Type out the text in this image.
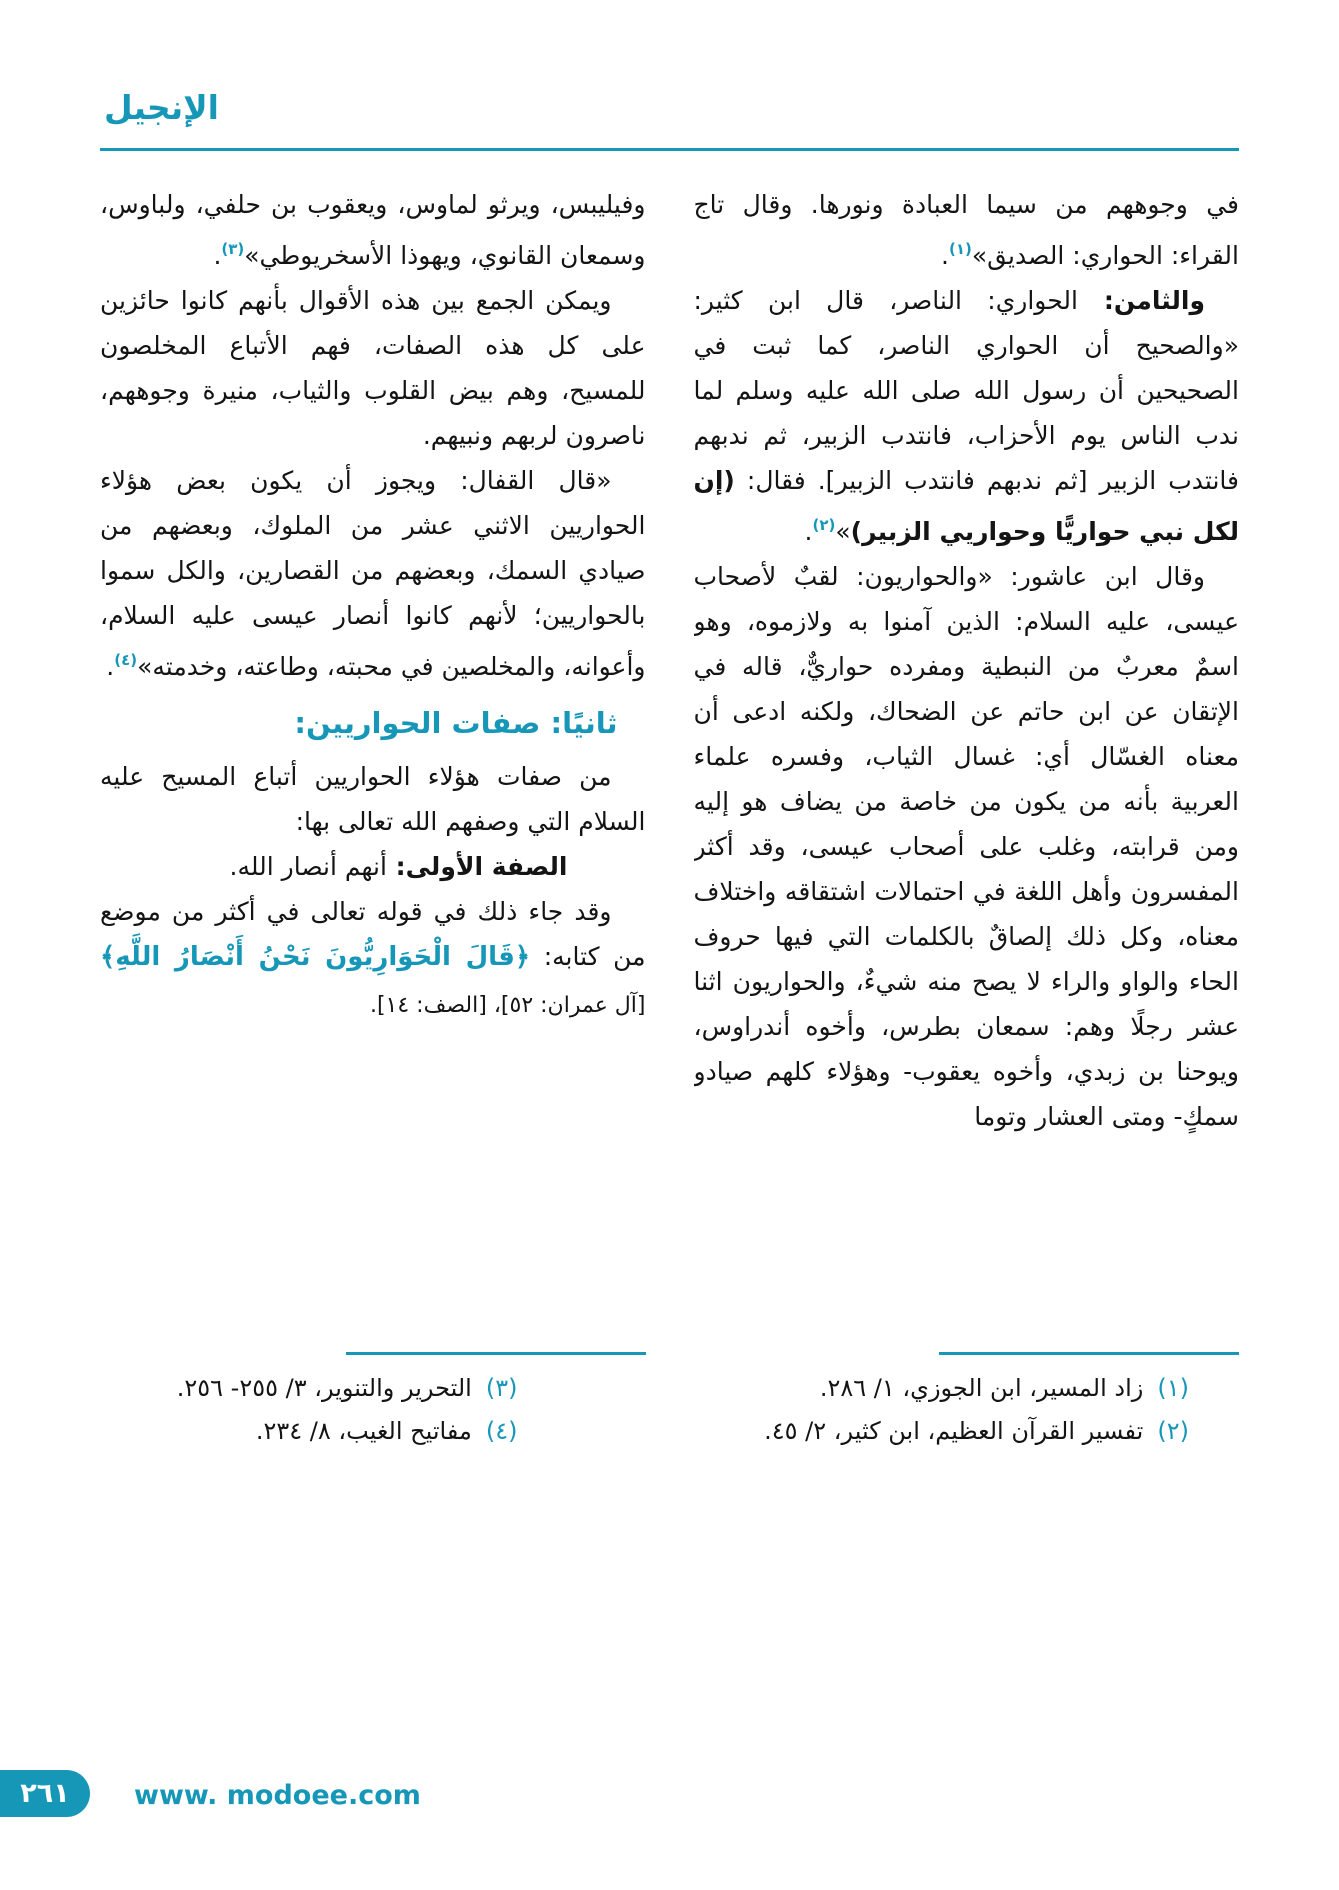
الإنجيل

في وجوههم من سيما العبادة ونورها. وقال تاج القراء: الحواري: الصديق»$^{(١)}$.

والثامن: الحواري: الناصر، قال ابن كثير: «والصحيح أن الحواري الناصر، كما ثبت في الصحيحين أن رسول الله صلى الله عليه وسلم لما ندب الناس يوم الأحزاب، فانتدب الزبير، ثم ندبهم فانتدب الزبير [ثم ندبهم فانتدب الزبير]. فقال: (إن لكل نبي حواريًّا وحواريي الزبير)»$^{(٢)}$.

وقال ابن عاشور: «والحواريون: لقبٌ لأصحاب عيسى، عليه السلام: الذين آمنوا به ولازموه، وهو اسمٌ معربٌ من النبطية ومفرده حواريٌّ، قاله في الإتقان عن ابن حاتم عن الضحاك، ولكنه ادعى أن معناه الغسّال أي: غسال الثياب، وفسره علماء العربية بأنه من يكون من خاصة من يضاف هو إليه ومن قرابته، وغلب على أصحاب عيسى، وقد أكثر المفسرون وأهل اللغة في احتمالات اشتقاقه واختلاف معناه، وكل ذلك إلصاقٌ بالكلمات التي فيها حروف الحاء والواو والراء لا يصح منه شيءٌ، والحواريون اثنا عشر رجلًا وهم: سمعان بطرس، وأخوه أندراوس، ويوحنا بن زبدي، وأخوه يعقوب- وهؤلاء كلهم صيادو سمكٍ- ومتى العشار وتوما

وفيليبس، ويرثو لماوس، ويعقوب بن حلفي، ولباوس، وسمعان القانوي، ويهوذا الأسخريوطي»$^{(٣)}$.

ويمكن الجمع بين هذه الأقوال بأنهم كانوا حائزين على كل هذه الصفات، فهم الأتباع المخلصون للمسيح، وهم بيض القلوب والثياب، منيرة وجوههم، ناصرون لربهم ونبيهم.

«قال القفال: ويجوز أن يكون بعض هؤلاء الحواريين الاثني عشر من الملوك، وبعضهم من صيادي السمك، وبعضهم من القصارين، والكل سموا بالحواريين؛ لأنهم كانوا أنصار عيسى عليه السلام، وأعوانه، والمخلصين في محبته، وطاعته، وخدمته»$^{(٤)}$.

ثانيًا: صفات الحواريين:

من صفات هؤلاء الحواريين أتباع المسيح عليه السلام التي وصفهم الله تعالى بها:

الصفة الأولى: أنهم أنصار الله.

وقد جاء ذلك في قوله تعالى في أكثر من موضع من كتابه: ﴿قَالَ الْحَوَارِيُّونَ نَحْنُ أَنْصَارُ اللَّهِ﴾ [آل عمران: ٥٢]، [الصف: ١٤].

(١)زاد المسير، ابن الجوزي، ١/ ٢٨٦.
(٢)تفسير القرآن العظيم، ابن كثير، ٢/ ٤٥.
(٣)التحرير والتنوير، ٣/ ٢٥٥- ٢٥٦.
(٤)مفاتيح الغيب، ٨/ ٢٣٤.
٢٦١ www. modoee.com
